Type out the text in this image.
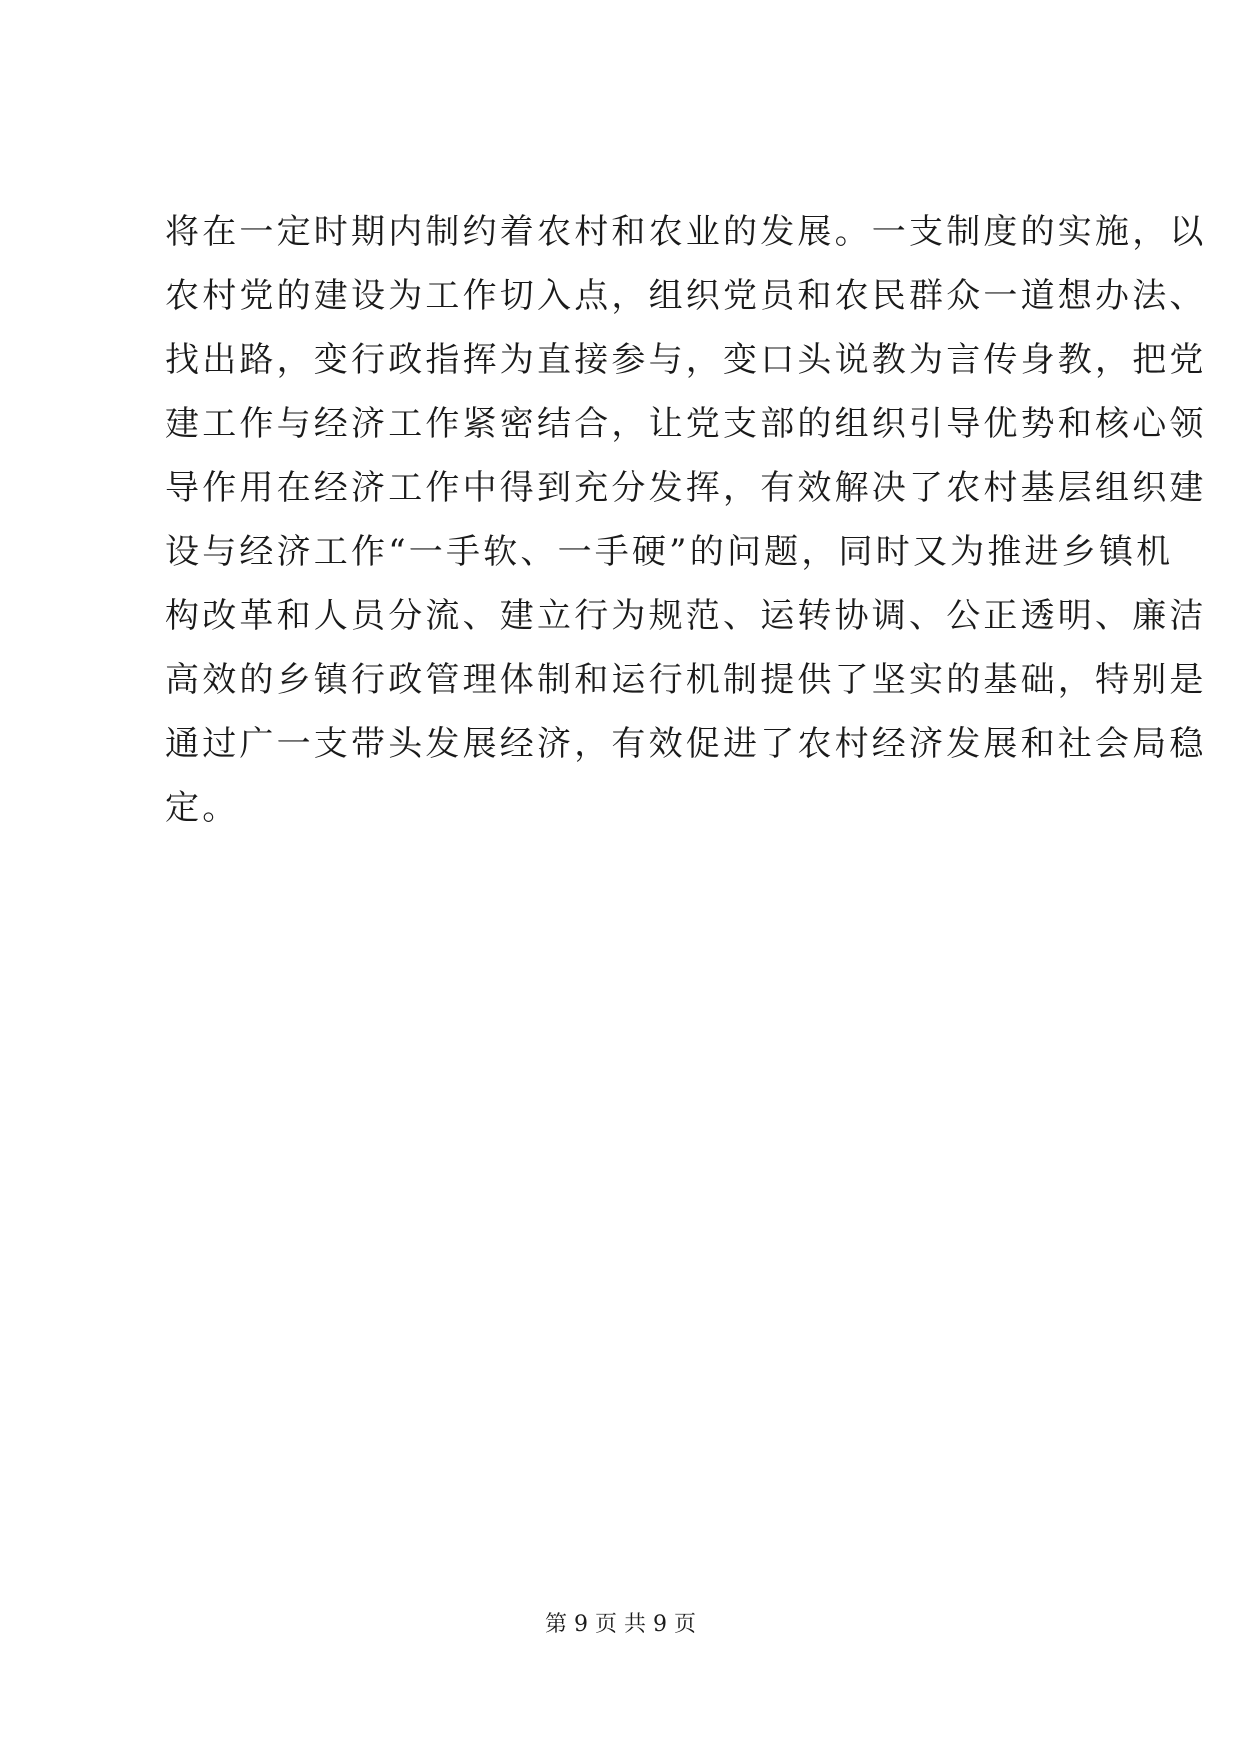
将在一定时期内制约着农村和农业的发展。一支制度的实施，以
农村党的建设为工作切入点，组织党员和农民群众一道想办法、
找出路，变行政指挥为直接参与，变口头说教为言传身教，把党
建工作与经济工作紧密结合，让党支部的组织引导优势和核心领
导作用在经济工作中得到充分发挥，有效解决了农村基层组织建
设与经济工作“一手软、一手硬”的问题，同时又为推进乡镇机
构改革和人员分流、建立行为规范、运转协调、公正透明、廉洁
高效的乡镇行政管理体制和运行机制提供了坚实的基础，特别是
通过广一支带头发展经济，有效促进了农村经济发展和社会局稳
定。
第 9 页 共 9 页
